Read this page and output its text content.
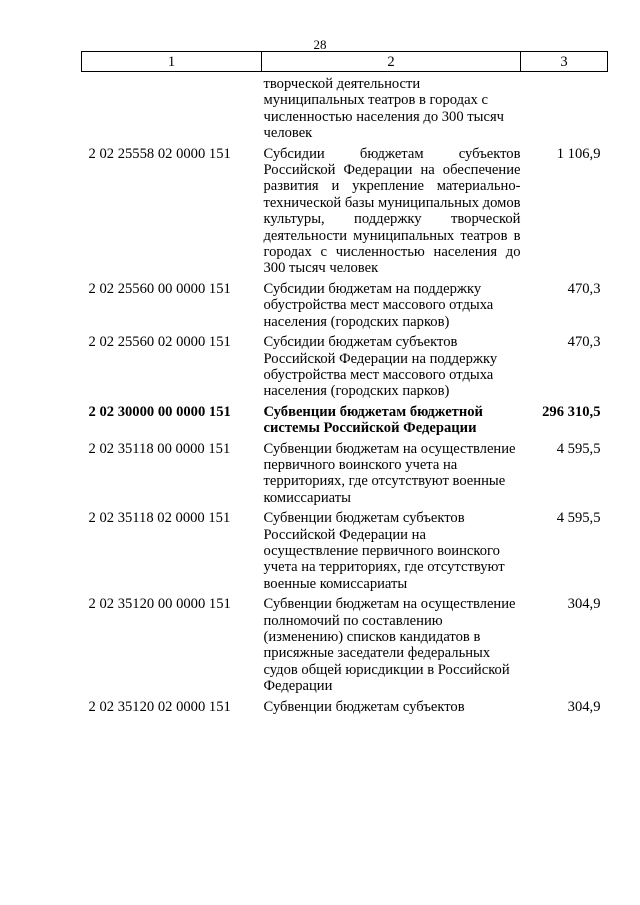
28
1	2	3
	творческой деятельности муниципальных театров в городах с численностью населения до 300 тысяч человек	
2 02 25558 02 0000 151	Субсидии бюджетам субъектов Российской Федерации на обеспечение развития и укрепление материально-технической базы муниципальных домов культуры, поддержку творческой деятельности муниципальных театров в городах с численностью населения до 300 тысяч человек	1 106,9
2 02 25560 00 0000 151	Субсидии бюджетам на поддержку обустройства мест массового отдыха населения (городских парков)	470,3
2 02 25560 02 0000 151	Субсидии бюджетам субъектов Российской Федерации на поддержку обустройства мест массового отдыха населения (городских парков)	470,3
2 02 30000 00 0000 151	Субвенции бюджетам бюджетной системы Российской Федерации	296 310,5
2 02 35118 00 0000 151	Субвенции бюджетам на осуществление первичного воинского учета на территориях, где отсутствуют военные комиссариаты	4 595,5
2 02 35118 02 0000 151	Субвенции бюджетам субъектов Российской Федерации на осуществление первичного воинского учета на территориях, где отсутствуют военные комиссариаты	4 595,5
2 02 35120 00 0000 151	Субвенции бюджетам на осуществление полномочий по составлению (изменению) списков кандидатов в присяжные заседатели федеральных судов общей юрисдикции в Российской Федерации	304,9
2 02 35120 02 0000 151	Субвенции бюджетам субъектов	304,9
